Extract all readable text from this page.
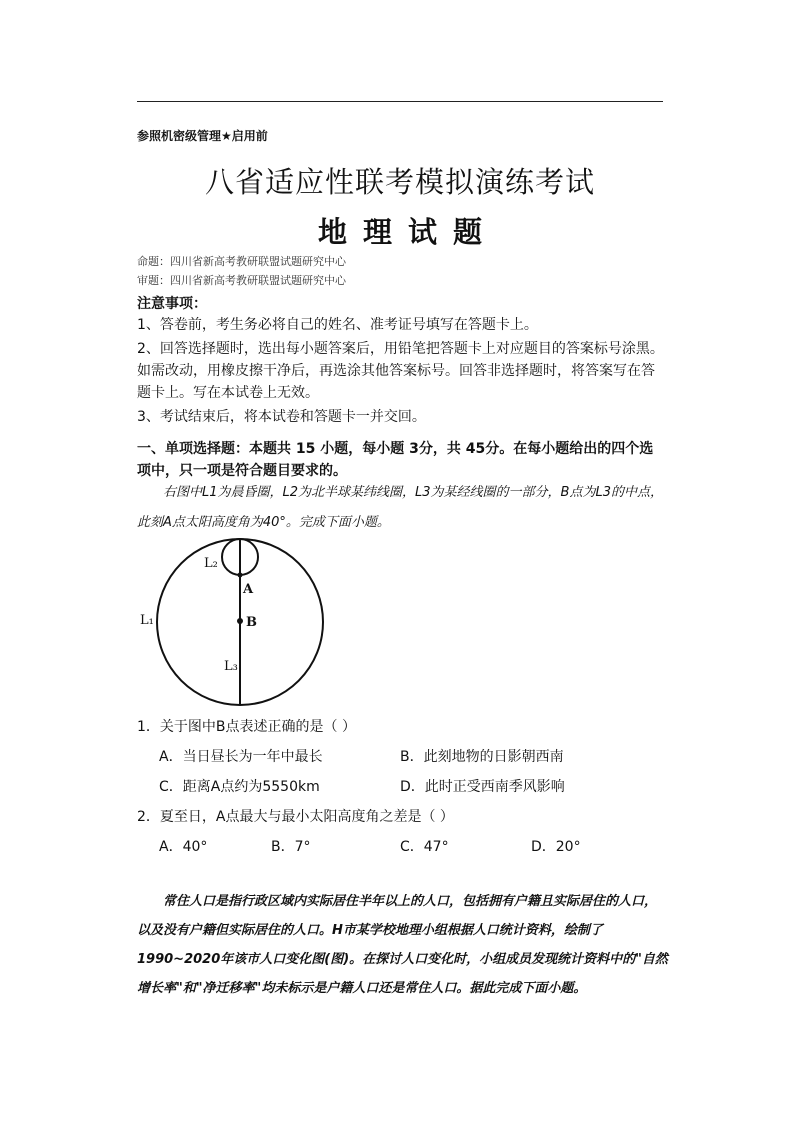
参照机密级管理★启用前
八省适应性联考模拟演练考试
地理试题
命题：四川省新高考教研联盟试题研究中心
审题：四川省新高考教研联盟试题研究中心
注意事项：
1、答卷前，考生务必将自己的姓名、准考证号填写在答题卡上。
2、回答选择题时，选出每小题答案后，用铅笔把答题卡上对应题目的答案标号涂黑。如需改动，用橡皮擦干净后，再选涂其他答案标号。回答非选择题时，将答案写在答题卡上。写在本试卷上无效。
3、考试结束后，将本试卷和答题卡一并交回。
一、单项选择题：本题共 15 小题，每小题 3分，共 45分。在每小题给出的四个选项中，只一项是符合题目要求的。
右图中L1为晨昏圈，L2为北半球某纬线圈，L3为某经线圈的一部分，B点为L3的中点，此刻A点太阳高度角为40°。完成下面小题。
L₂
A
B
L₁
L₃
1．关于图中B点表述正确的是（ ）
A．当日昼长为一年中最长	B．此刻地物的日影朝西南
C．距离A点约为5550km	D．此时正受西南季风影响
2．夏至日，A点最大与最小太阳高度角之差是（ ）
A．40°	B．7°	C．47°	D．20°
常住人口是指行政区域内实际居住半年以上的人口，包括拥有户籍且实际居住的人口，以及没有户籍但实际居住的人口。H市某学校地理小组根据人口统计资料，绘制了1990~2020年该市人口变化图(图)。在探讨人口变化时，小组成员发现统计资料中的"自然增长率"和"净迁移率"均未标示是户籍人口还是常住人口。据此完成下面小题。
